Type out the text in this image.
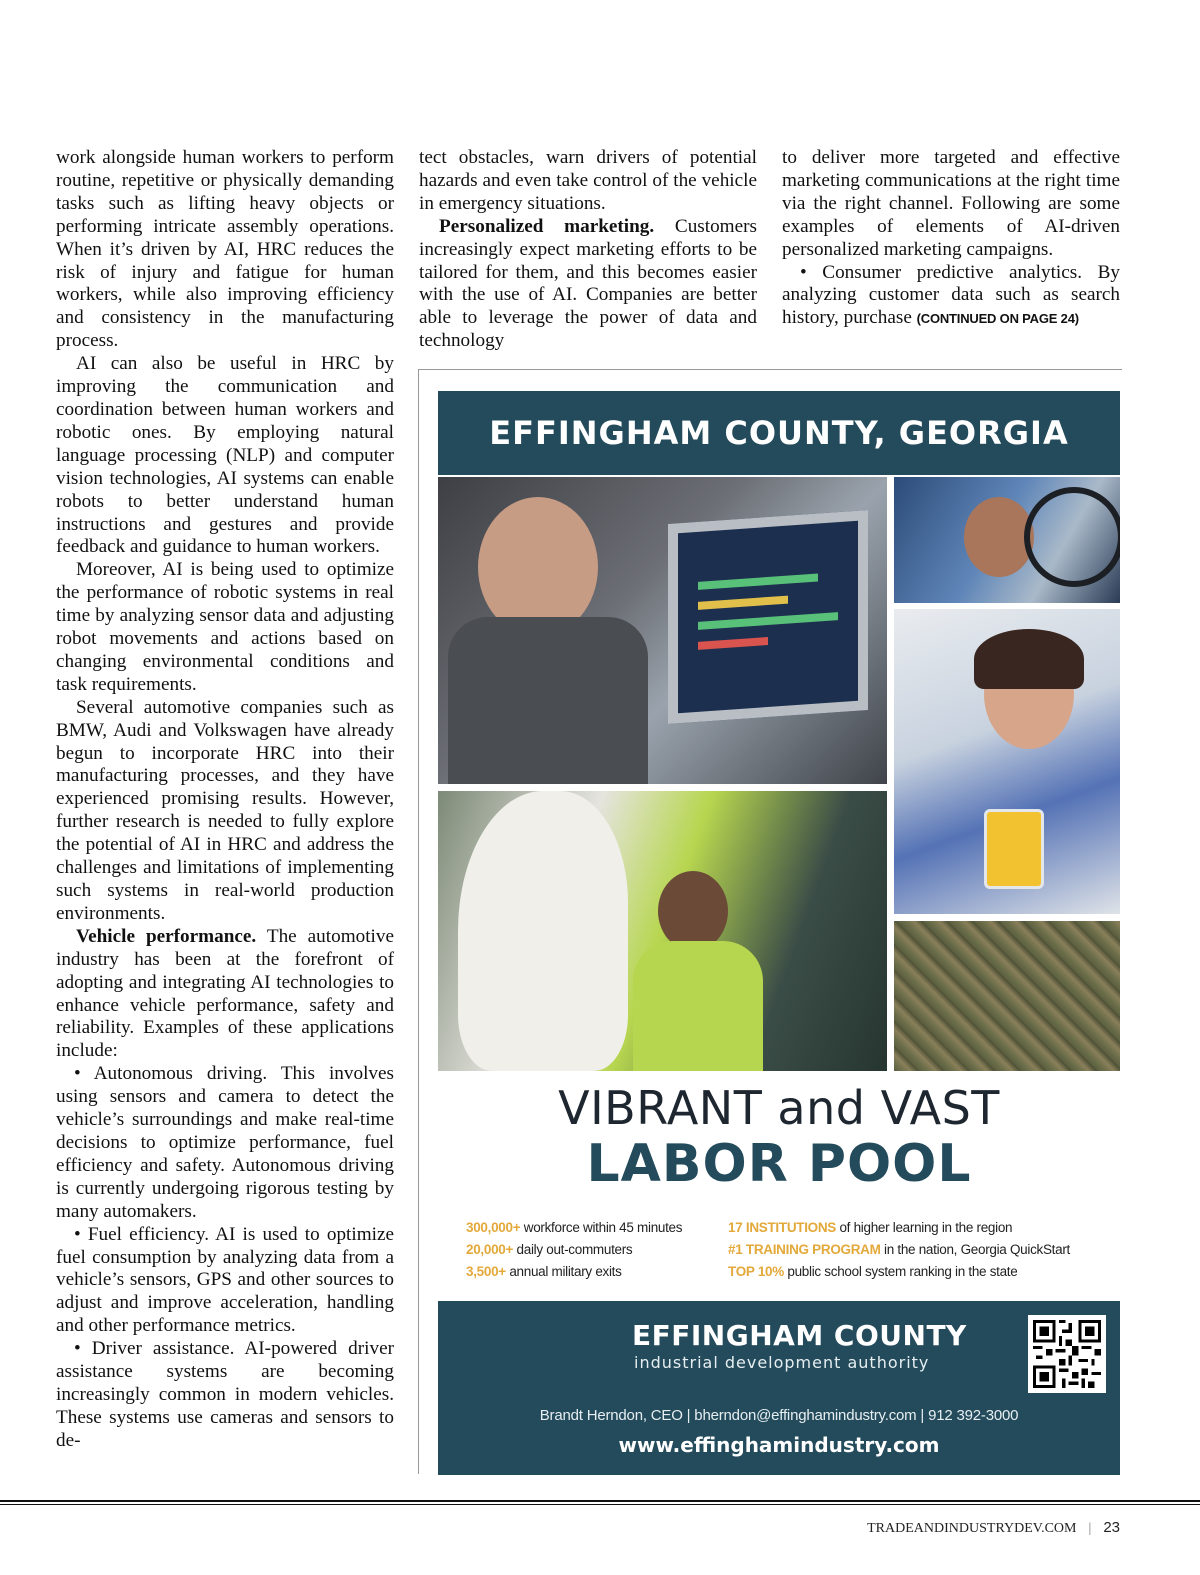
work alongside human workers to perform routine, repetitive or physically demanding tasks such as lifting heavy objects or performing intricate assembly operations. When it’s driven by AI, HRC reduces the risk of injury and fatigue for human workers, while also improving efficiency and consistency in the manufacturing process.

AI can also be useful in HRC by improving the communication and coordination between human workers and robotic ones. By employing natural language processing (NLP) and computer vision technologies, AI systems can enable robots to better understand human instructions and gestures and provide feedback and guidance to human workers.

Moreover, AI is being used to optimize the performance of robotic systems in real time by analyzing sensor data and adjusting robot movements and actions based on changing environmental conditions and task requirements.

Several automotive companies such as BMW, Audi and Volkswagen have already begun to incorporate HRC into their manufacturing processes, and they have experienced promising results. However, further research is needed to fully explore the potential of AI in HRC and address the challenges and limitations of implementing such systems in real-world production environments.

Vehicle performance. The automotive industry has been at the forefront of adopting and integrating AI technologies to enhance vehicle performance, safety and reliability. Examples of these applications include:

• Autonomous driving. This involves using sensors and camera to detect the vehicle’s surroundings and make real-time decisions to optimize performance, fuel efficiency and safety. Autonomous driving is currently undergoing rigorous testing by many automakers.

• Fuel efficiency. AI is used to optimize fuel consumption by analyzing data from a vehicle’s sensors, GPS and other sources to adjust and improve acceleration, handling and other performance metrics.

• Driver assistance. AI-powered driver assistance systems are becoming increasingly common in modern vehicles. These systems use cameras and sensors to de-

tect obstacles, warn drivers of potential hazards and even take control of the vehicle in emergency situations.

Personalized marketing. Customers increasingly expect marketing efforts to be tailored for them, and this becomes easier with the use of AI. Companies are better able to leverage the power of data and technology

to deliver more targeted and effective marketing communications at the right time via the right channel. Following are some examples of elements of AI-driven personalized marketing campaigns.

• Consumer predictive analytics. By analyzing customer data such as search history, purchase (CONTINUED ON PAGE 24)

EFFINGHAM COUNTY, GEORGIA
VIBRANT and VAST
LABOR POOL
300,000+ workforce within 45 minutes
20,000+ daily out-commuters
3,500+ annual military exits
17 INSTITUTIONS of higher learning in the region
#1 TRAINING PROGRAM in the nation, Georgia QuickStart
TOP 10% public school system ranking in the state
EFFINGHAM COUNTY
industrial development authority
Brandt Herndon, CEO | bherndon@effinghamindustry.com | 912 392-3000
www.effinghamindustry.com
TRADEANDINDUSTRYDEV.COM | 23
